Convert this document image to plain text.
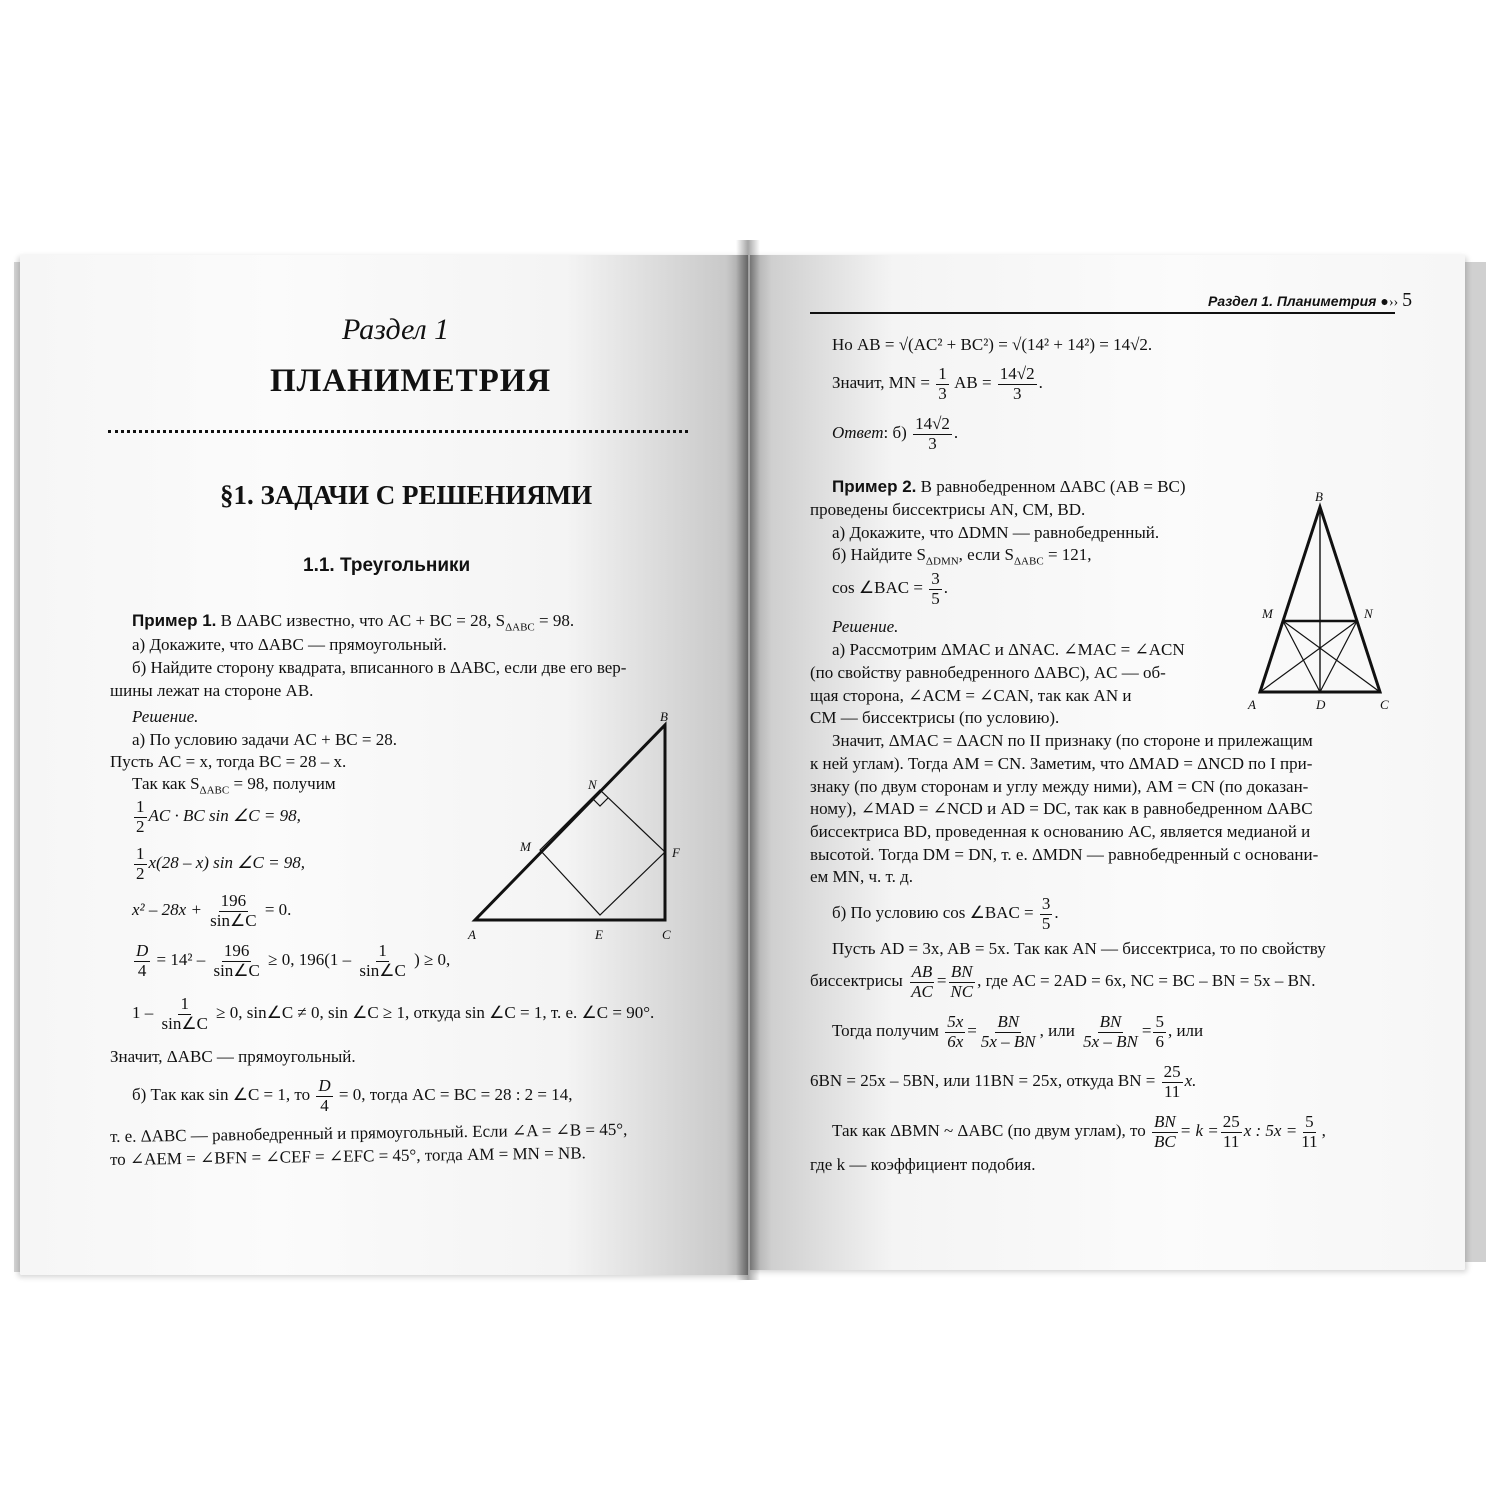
Раздел 1
ПЛАНИМЕТРИЯ
§1. ЗАДАЧИ С РЕШЕНИЯМИ
1.1. Треугольники
Пример 1. В ΔABC известно, что AC + BC = 28, $S_{\Delta ABC} = 98$.
а) Докажите, что ΔABC — прямоугольный.
б) Найдите сторону квадрата, вписанного в ΔABC, если две его вер-
шины лежат на стороне AB.
Решение.
а) По условию задачи AC + BC = 28.
Пусть AC = x, тогда BC = 28 – x.
Так как $S_{\Delta ABC} = 98$, получим
$\frac{1}{2}$ AC · BC sin ∠C = 98,
$\frac{1}{2} x(28 - x)$ sin ∠C = 98,
$x^2 - 28x + \frac{196}{\sin\angle C} = 0$.
$\frac{D}{4} = 14^2 - \frac{196}{\sin\angle C} \ge 0$, $196(1 - \frac{1}{\sin\angle C}$ ) ≥ 0,
$1 - \frac{1}{\sin\angle C} \ge 0$, sin∠C ≠ 0, sin ∠C ≥ 1, откуда sin ∠C = 1, т. е. ∠C = 90°.
Значит, ΔABC — прямоугольный.
б) Так как sin ∠C = 1, то $\frac{D}{4} = 0$, тогда AC = BC = 28 : 2 = 14,
т. е. ΔABC — равнобедренный и прямоугольный. Если ∠A = ∠B = 45°,
то ∠AEM = ∠BFN = ∠CEF = ∠EFC = 45°, тогда AM = MN = NB.
A	E	C
B
N
M	F
Раздел 1. Планиметрия ●›› 5
Но AB = √(AC² + BC²) = √(14² + 14²) = 14√2.
Значит, MN = $\frac{1}{3}$ AB = $\frac{14√2}{3}$ .
Ответ: $б) \frac{14√2}{3}$ .
Пример 2. В равнобедренном ΔABC (AB = BC)
проведены биссектрисы AN, CM, BD.
а) Докажите, что ΔDMN — равнобедренный.
б) Найдите $S_{\Delta DMN}$, если $S_{\Delta ABC} = 121$,
cos ∠BAC = $\frac{3}{5}$ .
Решение.
а) Рассмотрим ΔMAC и ΔNAC. ∠MAC = ∠ACN
(по свойству равнобедренного ΔABC), AC — об-
щая сторона, ∠ACM = ∠CAN, так как AN и
CM — биссектрисы (по условию).
Значит, ΔMAC = ΔACN по II признаку (по стороне и прилежащим
к ней углам). Тогда AM = CN. Заметим, что ΔMAD = ΔNCD по I при-
знаку (по двум сторонам и углу между ними), AM = CN (по доказан-
ному), ∠MAD = ∠NCD и AD = DC, так как в равнобедренном ΔABC
биссектриса BD, проведенная к основанию AC, является медианой и
высотой. Тогда DM = DN, т. е. ΔMDN — равнобедренный с основани-
ем MN, ч. т. д.
б) По условию cos ∠BAC = $\frac{3}{5}$ .
Пусть AD = 3x, AB = 5x. Так как AN — биссектриса, то по свойству
биссектрисы $\frac{AB}{AC} = \frac{BN}{NC}$ , где AC = 2AD = 6x, NC = BC – BN = 5x – BN.
Тогда получим $\frac{5x}{6x} = \frac{BN}{5x - BN}$ , или $\frac{BN}{5x - BN} = \frac{5}{6}$ , или
6BN = 25x – 5BN, или 11BN = 25x, откуда BN = $\frac{25}{11} x$.
Так как ΔBMN ~ ΔABC (по двум углам), то $\frac{BN}{BC} = k = \frac{25}{11}$ x : $5x = \frac{5}{11}$ ,
где k — коэффициент подобия.
B
M	N
A	D	C
